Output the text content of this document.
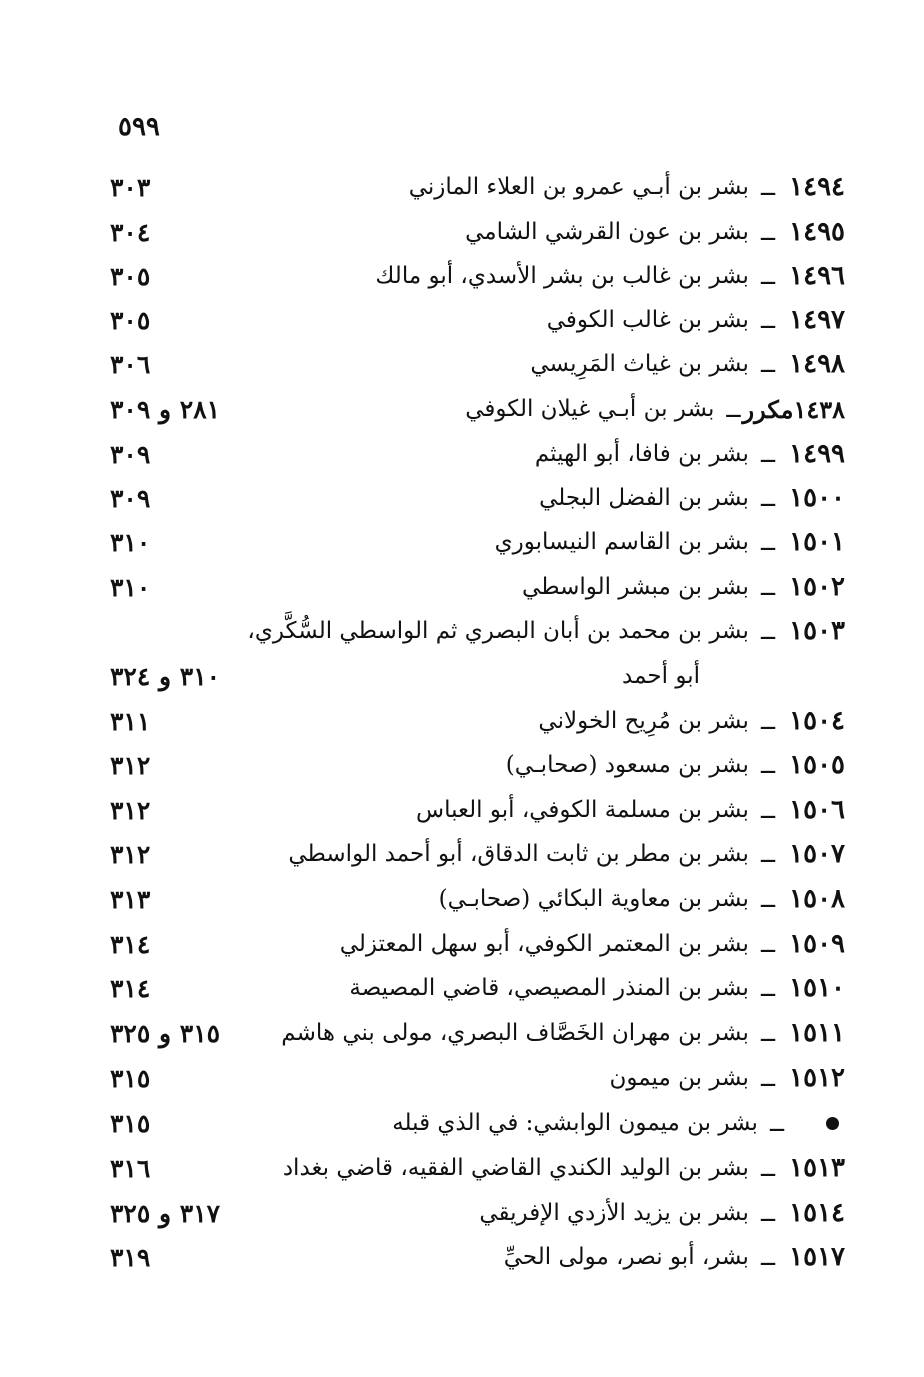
٥٩٩
١٤٩٤
ــ
بشر بن أبـي عمرو بن العلاء المازني
٣٠٣
١٤٩٥
ــ
بشر بن عون القرشي الشامي
٣٠٤
١٤٩٦
ــ
بشر بن غالب بن بشر الأسدي، أبو مالك
٣٠٥
١٤٩٧
ــ
بشر بن غالب الكوفي
٣٠٥
١٤٩٨
ــ
بشر بن غياث المَرِيسي
٣٠٦
١٤٣٨مكرر
ــ
بشر بن أبـي غيلان الكوفي
٢٨١ و ٣٠٩
١٤٩٩
ــ
بشر بن فافا، أبو الهيثم
٣٠٩
١٥٠٠
ــ
بشر بن الفضل البجلي
٣٠٩
١٥٠١
ــ
بشر بن القاسم النيسابوري
٣١٠
١٥٠٢
ــ
بشر بن مبشر الواسطي
٣١٠
١٥٠٣
ــ
بشر بن محمد بن أبان البصري ثم الواسطي السُّكَّري،
أبو أحمد
٣١٠ و ٣٢٤
١٥٠٤
ــ
بشر بن مُرِيح الخولاني
٣١١
١٥٠٥
ــ
بشر بن مسعود (صحابـي)
٣١٢
١٥٠٦
ــ
بشر بن مسلمة الكوفي، أبو العباس
٣١٢
١٥٠٧
ــ
بشر بن مطر بن ثابت الدقاق، أبو أحمد الواسطي
٣١٢
١٥٠٨
ــ
بشر بن معاوية البكائي (صحابـي)
٣١٣
١٥٠٩
ــ
بشر بن المعتمر الكوفي، أبو سهل المعتزلي
٣١٤
١٥١٠
ــ
بشر بن المنذر المصيصي، قاضي المصيصة
٣١٤
١٥١١
ــ
بشر بن مهران الخَصَّاف البصري، مولى بني هاشم
٣١٥ و ٣٢٥
١٥١٢
ــ
بشر بن ميمون
٣١٥
ــ
بشر بن ميمون الوابشي: في الذي قبله
٣١٥
١٥١٣
ــ
بشر بن الوليد الكندي القاضي الفقيه، قاضي بغداد
٣١٦
١٥١٤
ــ
بشر بن يزيد الأزدي الإفريقي
٣١٧ و ٣٢٥
١٥١٧
ــ
بشر، أبو نصر، مولى الحيِّ
٣١٩
